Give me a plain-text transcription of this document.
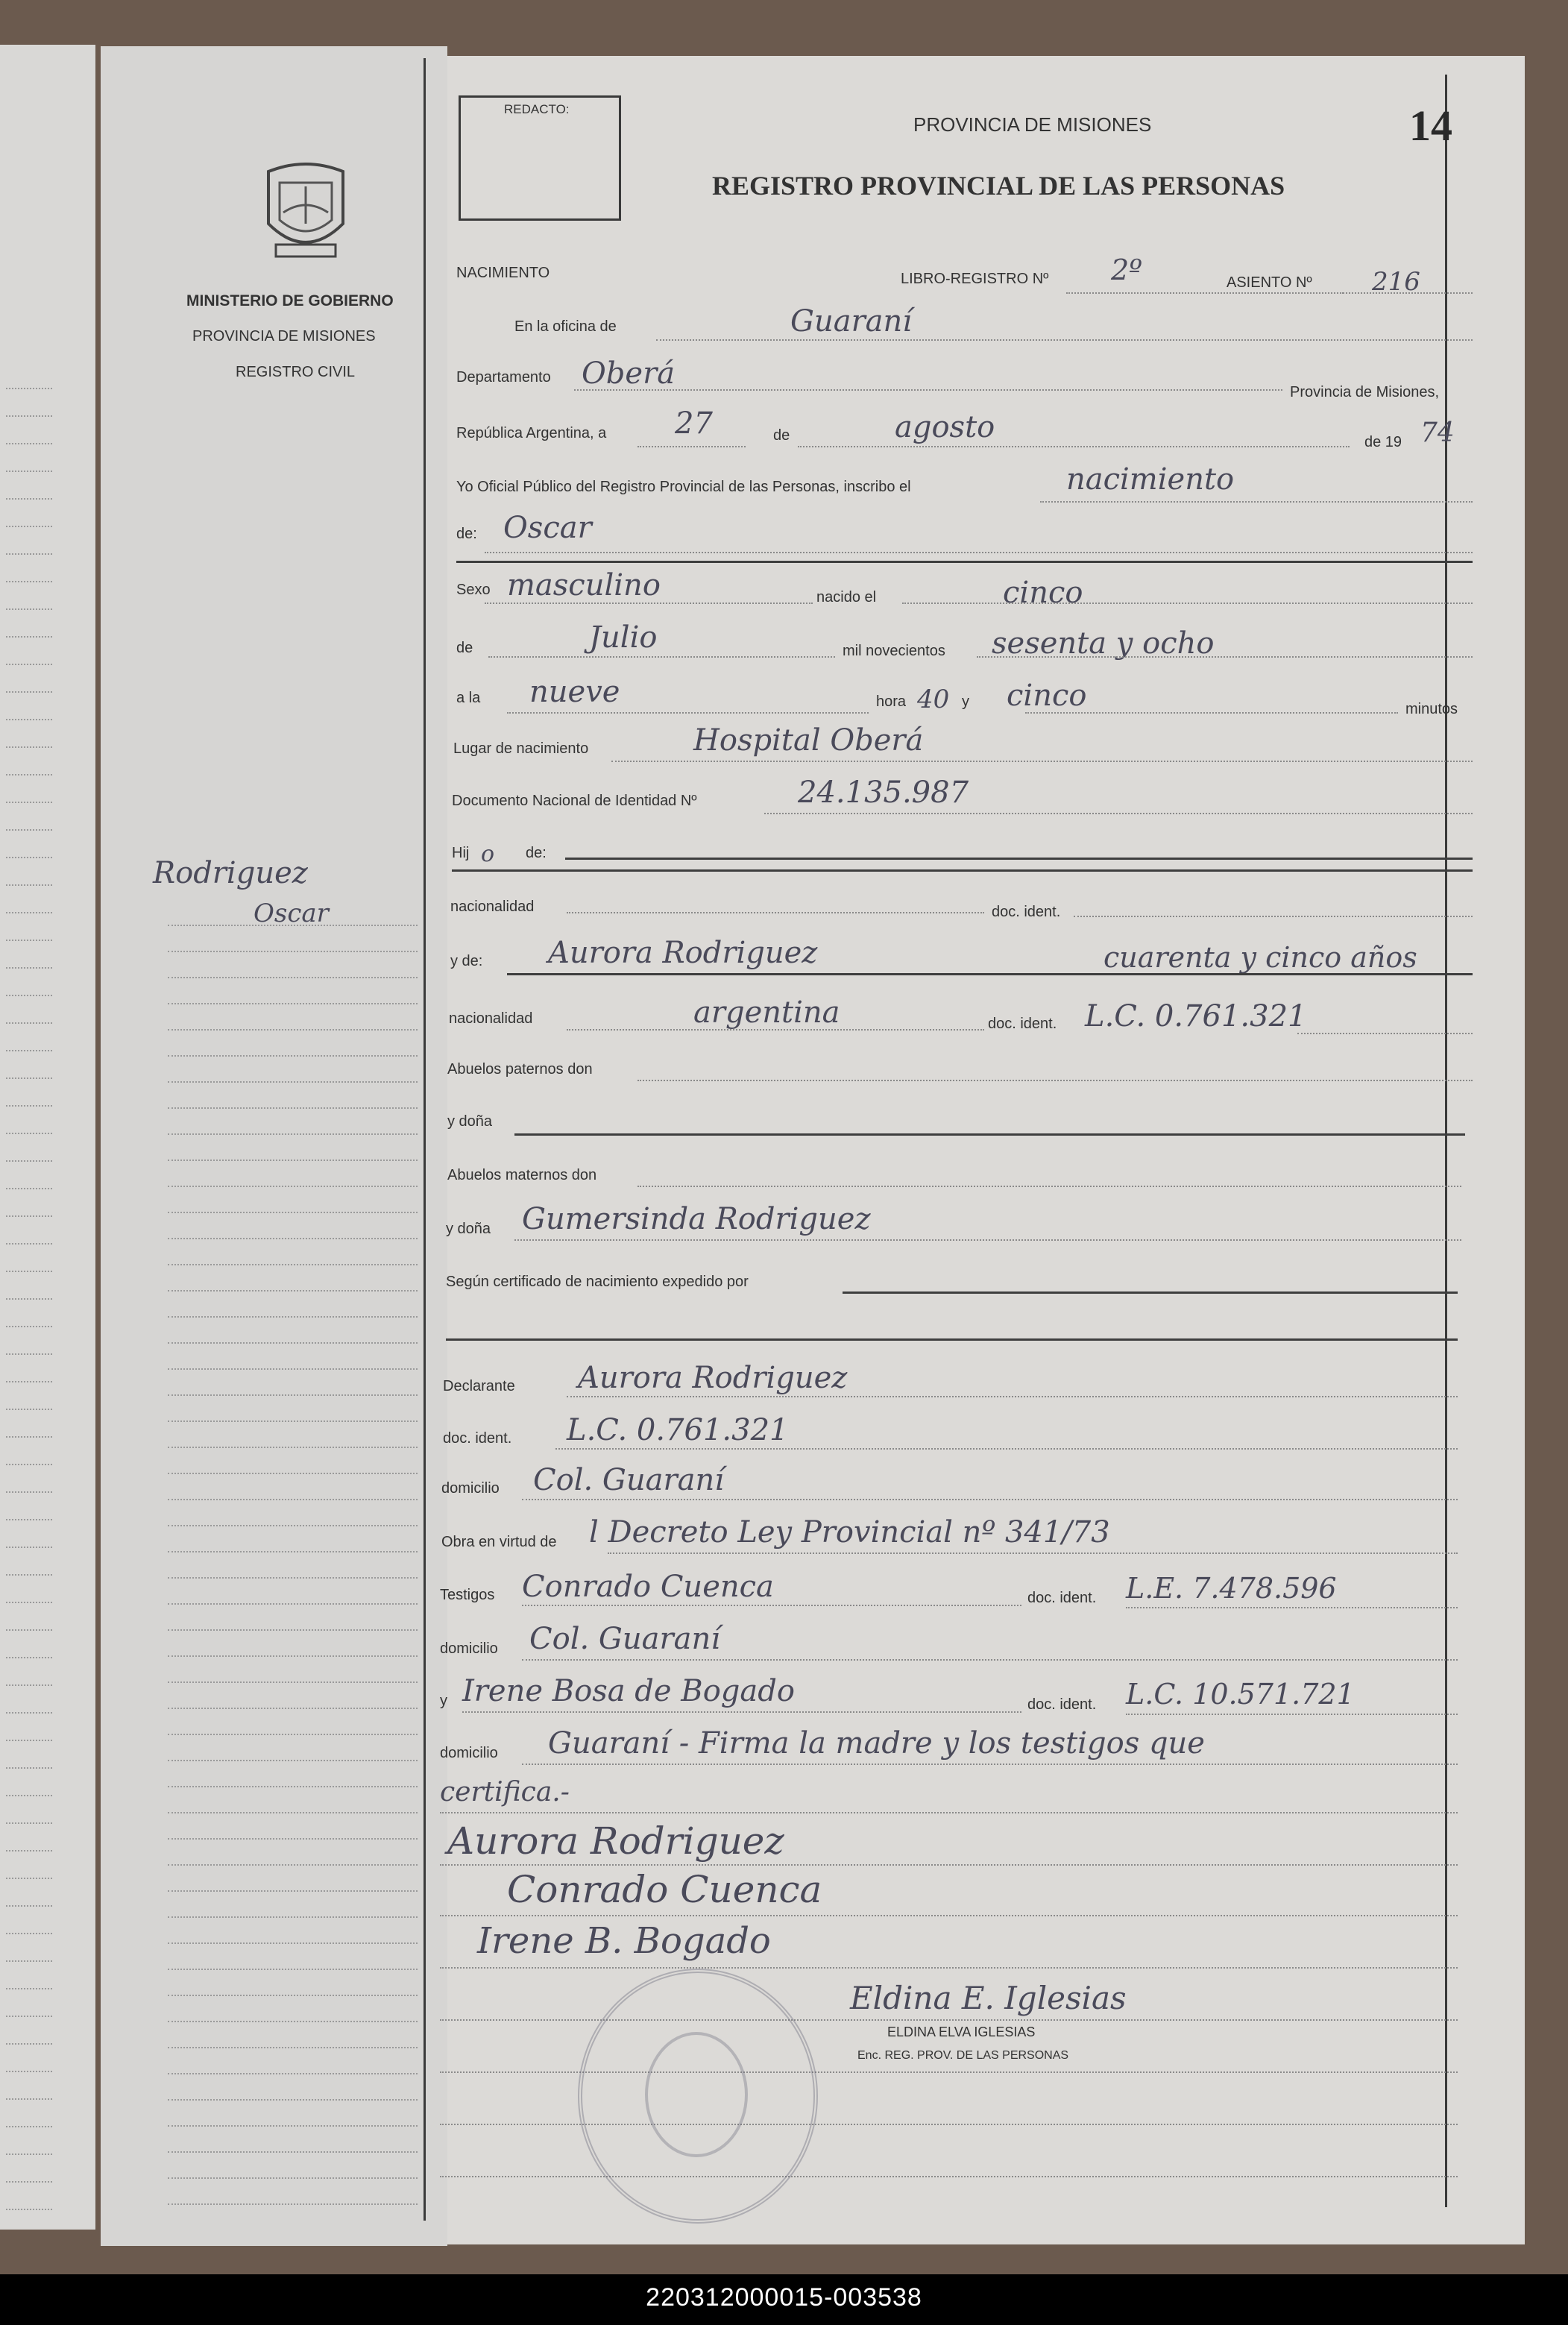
MINISTERIO DE GOBIERNO
PROVINCIA DE MISIONES
REGISTRO CIVIL
Rodriguez
Oscar
REDACTO:
PROVINCIA DE MISIONES
REGISTRO PROVINCIAL DE LAS PERSONAS
14
NACIMIENTO	LIBRO-REGISTRO Nº 2º	ASIENTO Nº 216
En la oficina de	Guaraní
Departamento Oberá
Provincia de Misiones,
República Argentina, a 27	de	agosto	de 19 74
Yo Oficial Público del Registro Provincial de las Personas, inscribo el	nacimiento
de: Oscar
Sexo masculino	nacido el	cinco
de	Julio	mil novecientos sesenta y ocho
a la nueve	hora 40 y cinco	minutos
Lugar de nacimiento	Hospital Oberá
Documento Nacional de Identidad Nº	24.135.987
Hij o de:
nacionalidad	doc. ident.
y de: Aurora Rodriguez	cuarenta y cinco años
nacionalidad	argentina	doc. ident. L.C. 0.761.321
Abuelos paternos don
y doña
Abuelos maternos don
y doña Gumersinda Rodriguez
Según certificado de nacimiento expedido por
Declarante Aurora Rodriguez
doc. ident. L.C. 0.761.321
domicilio Col. Guaraní
Obra en virtud de l Decreto Ley Provincial nº 341/73
Testigos Conrado Cuenca	doc. ident. L.E. 7.478.596
domicilio Col. Guaraní
y Irene Bosa de Bogado	doc. ident. L.C. 10.571.721
domicilio Guaraní - Firma la madre y los testigos que
certifica.-
Aurora Rodriguez
Conrado Cuenca
Irene B. Bogado
Eldina E. Iglesias
ELDINA ELVA IGLESIAS
Enc. REG. PROV. DE LAS PERSONAS
220312000015-003538
